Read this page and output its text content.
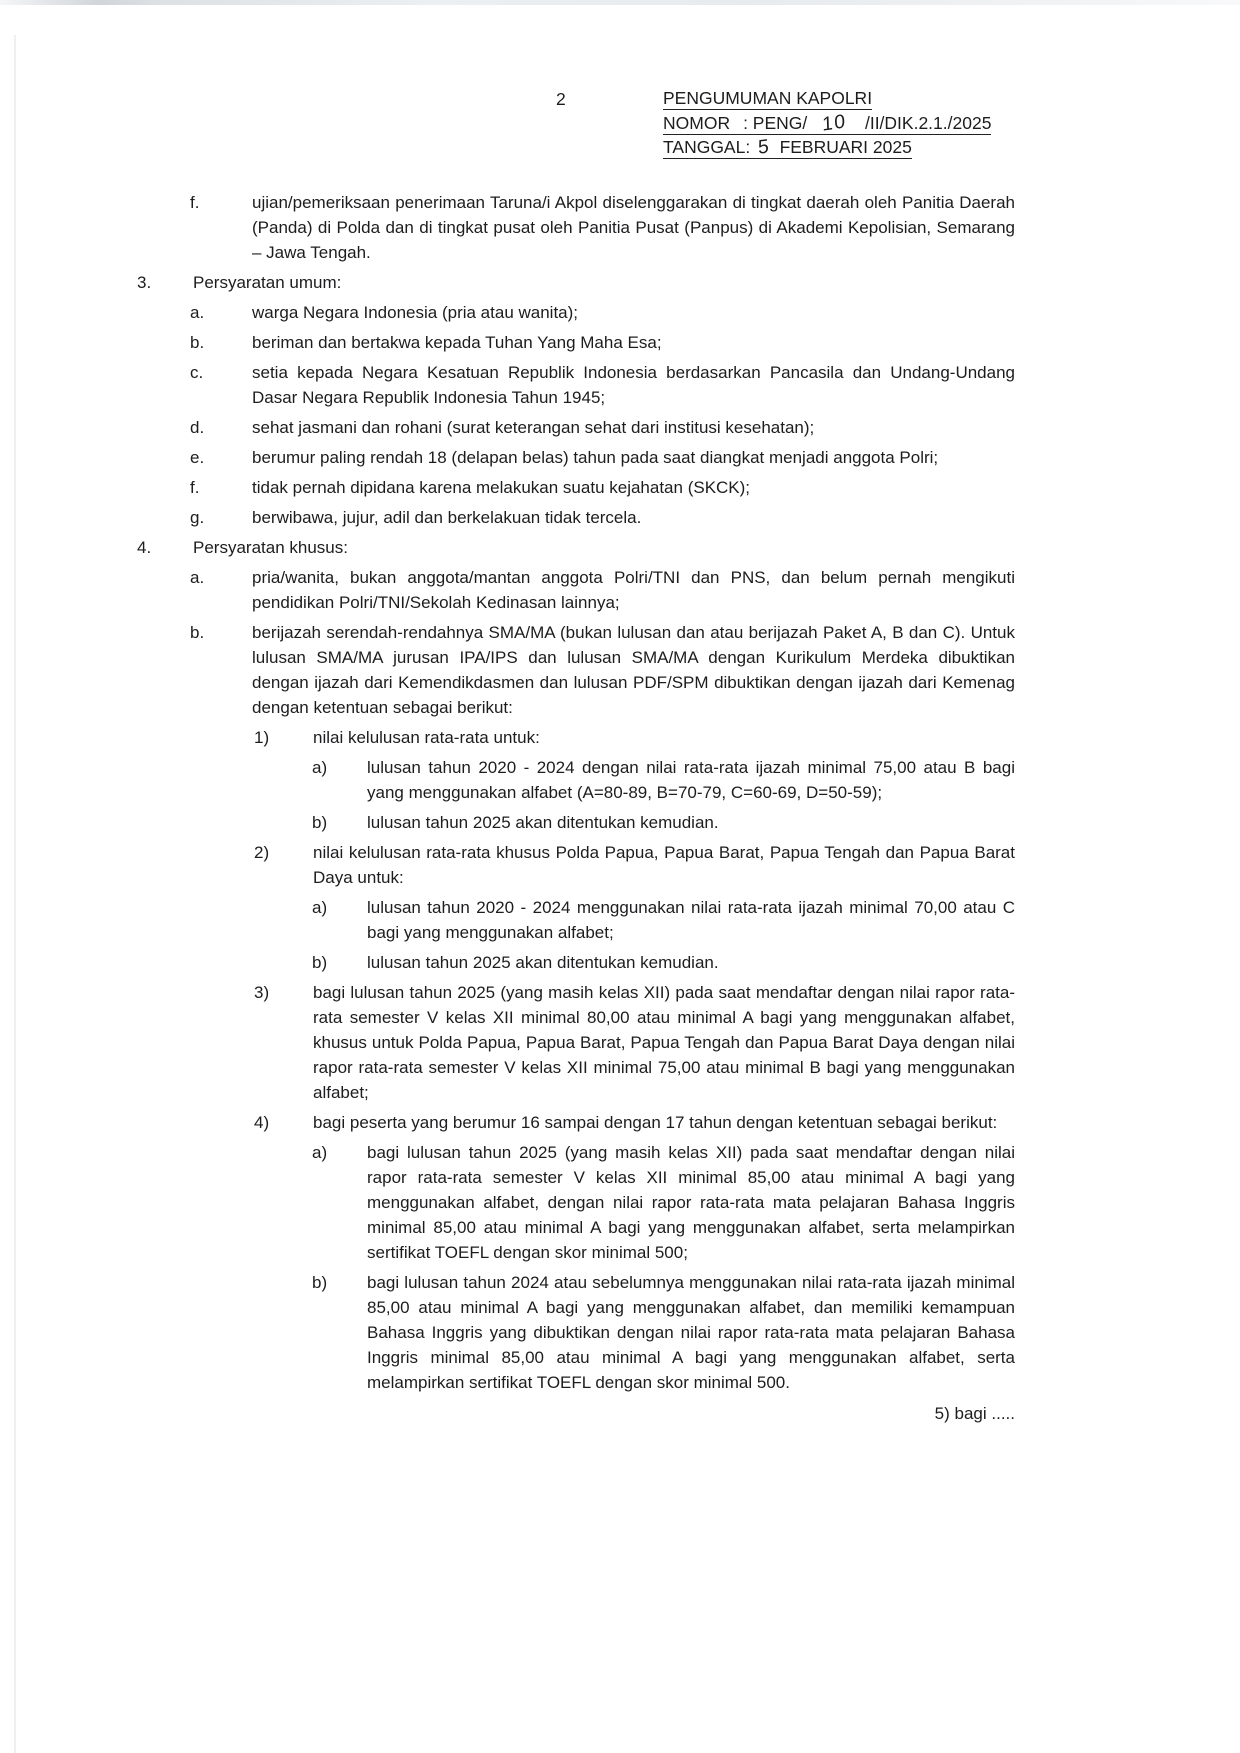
2	PENGUMUMAN KAPOLRI
NOMOR : PENG/ 10 /II/DIK.2.1./2025
TANGGAL: 5 FEBRUARI 2025
f.	ujian/pemeriksaan penerimaan Taruna/i Akpol diselenggarakan di tingkat daerah oleh Panitia Daerah (Panda) di Polda dan di tingkat pusat oleh Panitia Pusat (Panpus) di Akademi Kepolisian, Semarang – Jawa Tengah.
3.	Persyaratan umum:
a.	warga Negara Indonesia (pria atau wanita);
b.	beriman dan bertakwa kepada Tuhan Yang Maha Esa;
c.	setia kepada Negara Kesatuan Republik Indonesia berdasarkan Pancasila dan Undang-Undang Dasar Negara Republik Indonesia Tahun 1945;
d.	sehat jasmani dan rohani (surat keterangan sehat dari institusi kesehatan);
e.	berumur paling rendah 18 (delapan belas) tahun pada saat diangkat menjadi anggota Polri;
f.	tidak pernah dipidana karena melakukan suatu kejahatan (SKCK);
g.	berwibawa, jujur, adil dan berkelakuan tidak tercela.
4.	Persyaratan khusus:
a.	pria/wanita, bukan anggota/mantan anggota Polri/TNI dan PNS, dan belum pernah mengikuti pendidikan Polri/TNI/Sekolah Kedinasan lainnya;
b.	berijazah serendah-rendahnya SMA/MA (bukan lulusan dan atau berijazah Paket A, B dan C). Untuk lulusan SMA/MA jurusan IPA/IPS dan lulusan SMA/MA dengan Kurikulum Merdeka dibuktikan dengan ijazah dari Kemendikdasmen dan lulusan PDF/SPM dibuktikan dengan ijazah dari Kemenag dengan ketentuan sebagai berikut:
1)	nilai kelulusan rata-rata untuk:
a)	lulusan tahun 2020 - 2024 dengan nilai rata-rata ijazah minimal 75,00 atau B bagi yang menggunakan alfabet (A=80-89, B=70-79, C=60-69, D=50-59);
b)	lulusan tahun 2025 akan ditentukan kemudian.
2)	nilai kelulusan rata-rata khusus Polda Papua, Papua Barat, Papua Tengah dan Papua Barat Daya untuk:
a)	lulusan tahun 2020 - 2024 menggunakan nilai rata-rata ijazah minimal 70,00 atau C bagi yang menggunakan alfabet;
b)	lulusan tahun 2025 akan ditentukan kemudian.
3)	bagi lulusan tahun 2025 (yang masih kelas XII) pada saat mendaftar dengan nilai rapor rata-rata semester V kelas XII minimal 80,00 atau minimal A bagi yang menggunakan alfabet, khusus untuk Polda Papua, Papua Barat, Papua Tengah dan Papua Barat Daya dengan nilai rapor rata-rata semester V kelas XII minimal 75,00 atau minimal B bagi yang menggunakan alfabet;
4)	bagi peserta yang berumur 16 sampai dengan 17 tahun dengan ketentuan sebagai berikut:
a)	bagi lulusan tahun 2025 (yang masih kelas XII) pada saat mendaftar dengan nilai rapor rata-rata semester V kelas XII minimal 85,00 atau minimal A bagi yang menggunakan alfabet, dengan nilai rapor rata-rata mata pelajaran Bahasa Inggris minimal 85,00 atau minimal A bagi yang menggunakan alfabet, serta melampirkan sertifikat TOEFL dengan skor minimal 500;
b)	bagi lulusan tahun 2024 atau sebelumnya menggunakan nilai rata-rata ijazah minimal 85,00 atau minimal A bagi yang menggunakan alfabet, dan memiliki kemampuan Bahasa Inggris yang dibuktikan dengan nilai rapor rata-rata mata pelajaran Bahasa Inggris minimal 85,00 atau minimal A bagi yang menggunakan alfabet, serta melampirkan sertifikat TOEFL dengan skor minimal 500.
5) bagi .....
